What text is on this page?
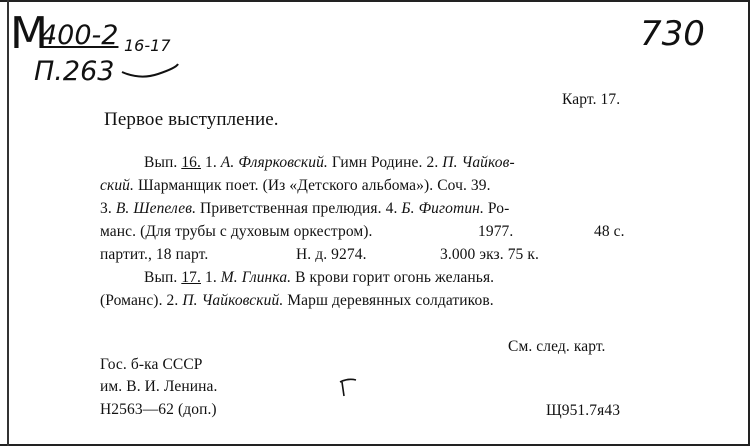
М
400-2
П.263
16-17	730
Карт. 17.
Первое выступление.
Вып. 16. 1. А. Флярковский. Гимн Родине. 2. П. Чайков-
ский. Шарманщик поет. (Из «Детского альбома»). Соч. 39.
3. В. Шепелев. Приветственная прелюдия. 4. Б. Фиготин. Ро-
манс. (Для трубы с духовым оркестром).	1977.	48 с.
партит., 18 парт.	Н. д. 9274.	3.000 экз. 75 к.
Вып. 17. 1. М. Глинка. В крови горит огонь желанья.
(Романс). 2. П. Чайковский. Марш деревянных солдатиков.
См. след. карт.
Гос. б-ка СССР
им. В. И. Ленина.
Н2563—62 (доп.)	Щ951.7я43
